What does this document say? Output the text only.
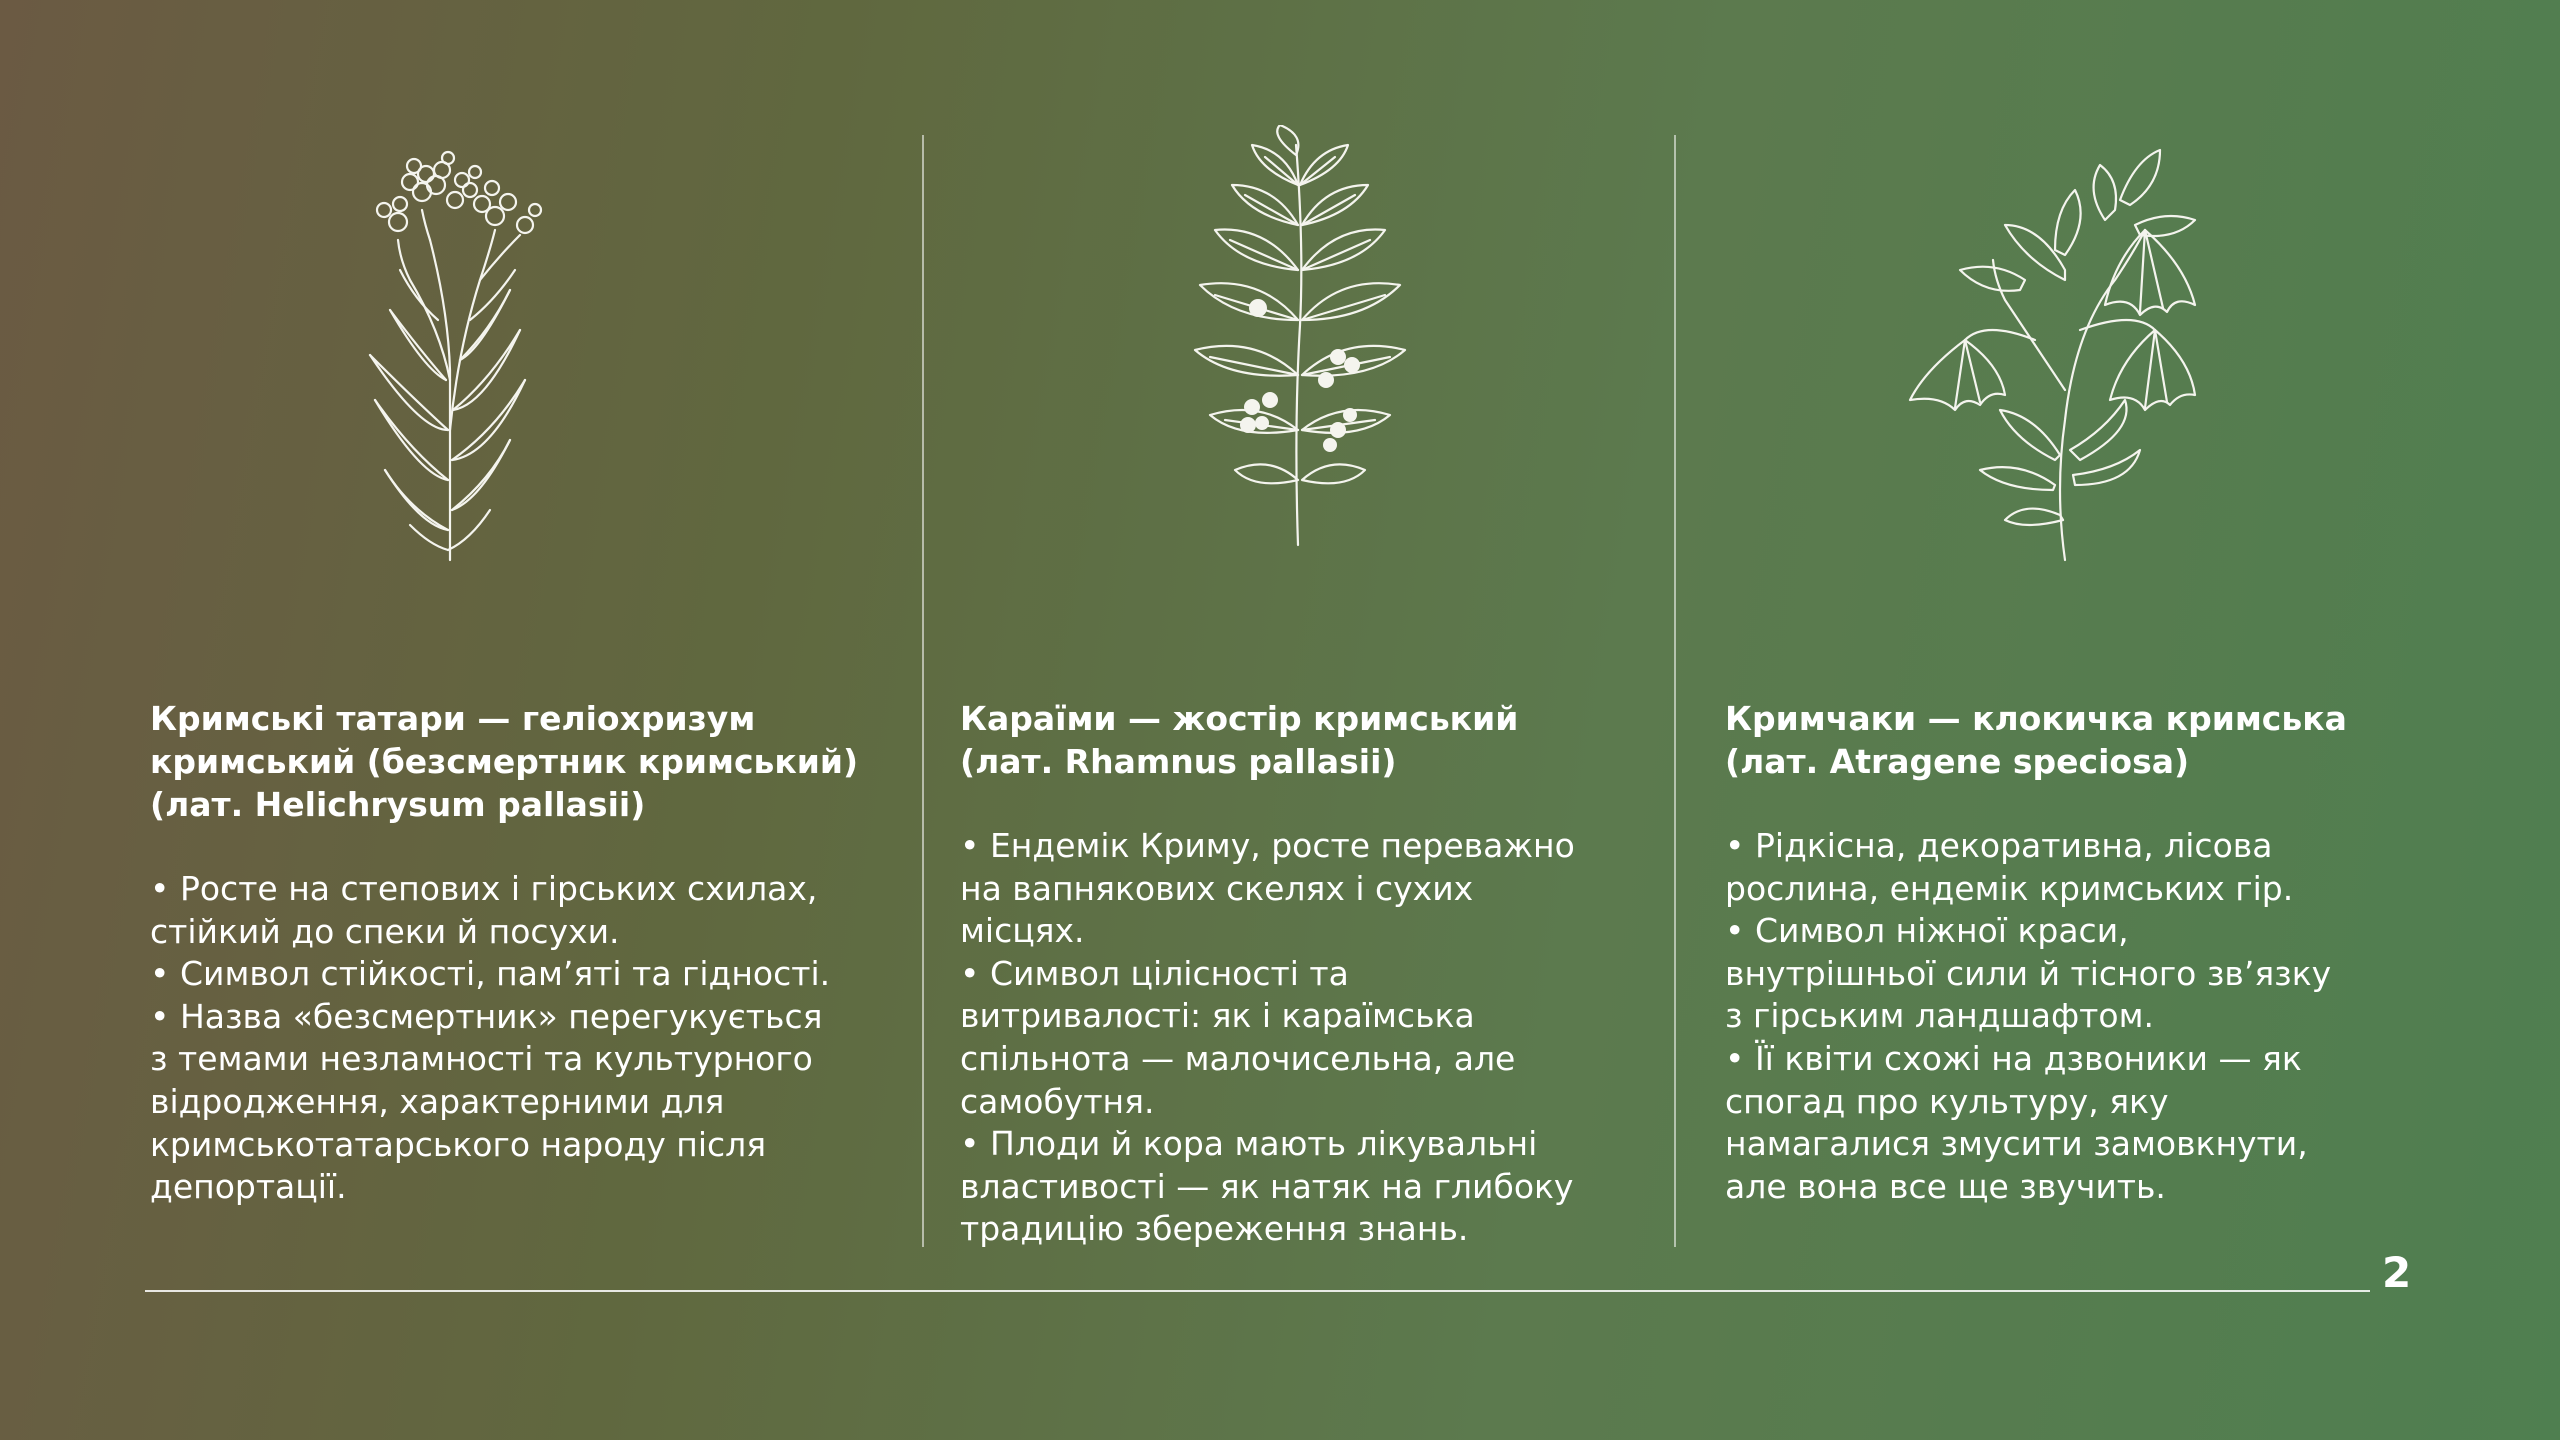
Кримські татари — геліохризум
кримський (безсмертник кримський)
(лат. Helichrysum pallasii)
• Росте на степових і гірських схилах,
стійкий до спеки й посухи.
• Символ стійкості, пам’яті та гідності.
• Назва «безсмертник» перегукується
з темами незламності та культурного
відродження, характерними для
кримськотатарського народу після
депортації.
Караїми — жостір кримський
(лат. Rhamnus pallasii)
• Ендемік Криму, росте переважно
на вапнякових скелях і сухих
місцях.
• Символ цілісності та
витривалості: як і караїмська
спільнота — малочисельна, але
самобутня.
• Плоди й кора мають лікувальні
властивості — як натяк на глибоку
традицію збереження знань.
Кримчаки — клокичка кримська
(лат. Atragene speciosa)
• Рідкісна, декоративна, лісова
рослина, ендемік кримських гір.
• Символ ніжної краси,
внутрішньої сили й тісного зв’язку
з гірським ландшафтом.
• Її квіти схожі на дзвоники — як
спогад про культуру, яку
намагалися змусити замовкнути,
але вона все ще звучить.
2
